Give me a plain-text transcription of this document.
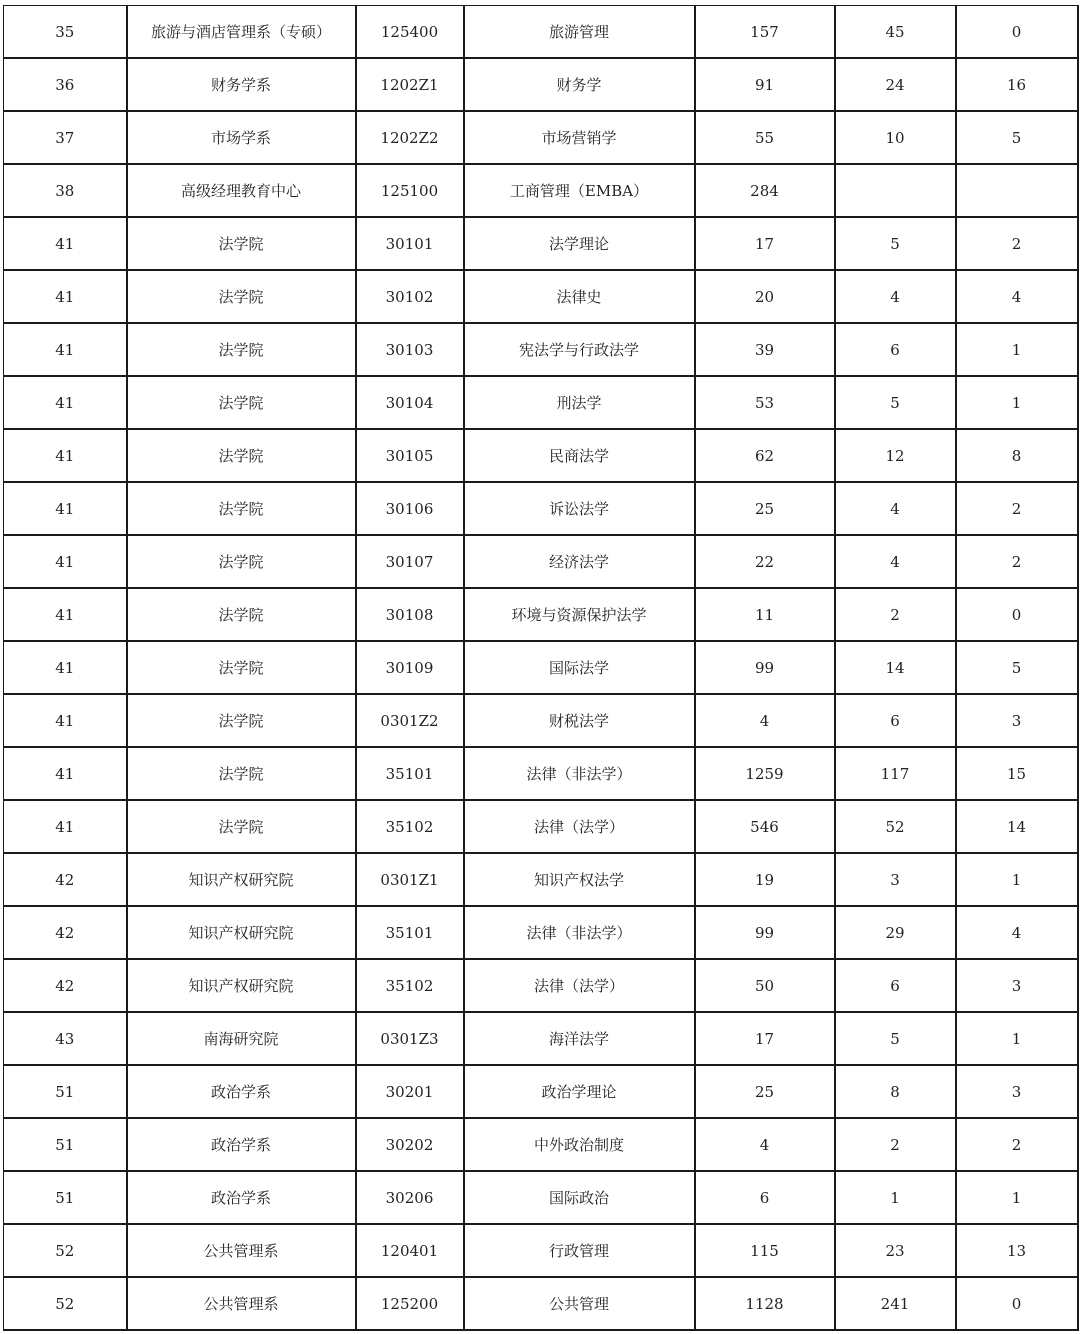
35	旅游与酒店管理系（专硕）	125400	旅游管理	157	45	0
36	财务学系	1202Z1	财务学	91	24	16
37	市场学系	1202Z2	市场营销学	55	10	5
38	高级经理教育中心	125100	工商管理（EMBA）	284		
41	法学院	30101	法学理论	17	5	2
41	法学院	30102	法律史	20	4	4
41	法学院	30103	宪法学与行政法学	39	6	1
41	法学院	30104	刑法学	53	5	1
41	法学院	30105	民商法学	62	12	8
41	法学院	30106	诉讼法学	25	4	2
41	法学院	30107	经济法学	22	4	2
41	法学院	30108	环境与资源保护法学	11	2	0
41	法学院	30109	国际法学	99	14	5
41	法学院	0301Z2	财税法学	4	6	3
41	法学院	35101	法律（非法学）	1259	117	15
41	法学院	35102	法律（法学）	546	52	14
42	知识产权研究院	0301Z1	知识产权法学	19	3	1
42	知识产权研究院	35101	法律（非法学）	99	29	4
42	知识产权研究院	35102	法律（法学）	50	6	3
43	南海研究院	0301Z3	海洋法学	17	5	1
51	政治学系	30201	政治学理论	25	8	3
51	政治学系	30202	中外政治制度	4	2	2
51	政治学系	30206	国际政治	6	1	1
52	公共管理系	120401	行政管理	115	23	13
52	公共管理系	125200	公共管理	1128	241	0
